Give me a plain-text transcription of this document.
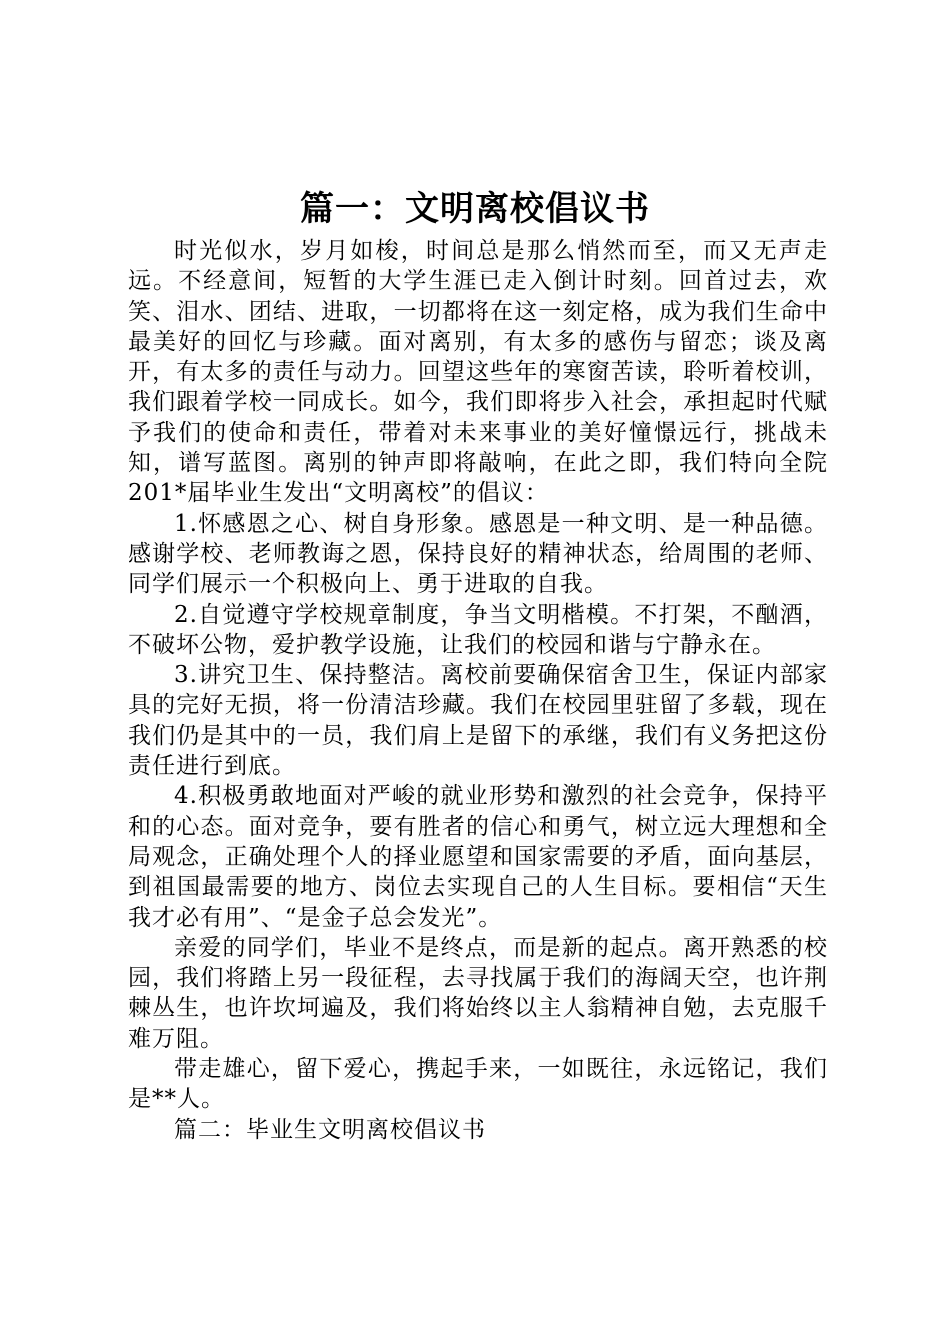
篇一：文明离校倡议书

时光似水，岁月如梭，时间总是那么悄然而至，而又无声走远。不经意间，短暂的大学生涯已走入倒计时刻。回首过去，欢笑、泪水、团结、进取，一切都将在这一刻定格，成为我们生命中最美好的回忆与珍藏。面对离别，有太多的感伤与留恋；谈及离开，有太多的责任与动力。回望这些年的寒窗苦读，聆听着校训，我们跟着学校一同成长。如今，我们即将步入社会，承担起时代赋予我们的使命和责任，带着对未来事业的美好憧憬远行，挑战未知，谱写蓝图。离别的钟声即将敲响，在此之即，我们特向全院201*届毕业生发出“文明离校”的倡议：

1.怀感恩之心、树自身形象。感恩是一种文明、是一种品德。感谢学校、老师教诲之恩，保持良好的精神状态，给周围的老师、同学们展示一个积极向上、勇于进取的自我。

2.自觉遵守学校规章制度，争当文明楷模。不打架，不酗酒，不破坏公物，爱护教学设施，让我们的校园和谐与宁静永在。

3.讲究卫生、保持整洁。离校前要确保宿舍卫生，保证内部家具的完好无损，将一份清洁珍藏。我们在校园里驻留了多载，现在我们仍是其中的一员，我们肩上是留下的承继，我们有义务把这份责任进行到底。

4.积极勇敢地面对严峻的就业形势和激烈的社会竞争，保持平和的心态。面对竞争，要有胜者的信心和勇气，树立远大理想和全局观念，正确处理个人的择业愿望和国家需要的矛盾，面向基层，到祖国最需要的地方、岗位去实现自己的人生目标。要相信“天生我才必有用”、“是金子总会发光”。

亲爱的同学们，毕业不是终点，而是新的起点。离开熟悉的校园，我们将踏上另一段征程，去寻找属于我们的海阔天空，也许荆棘丛生，也许坎坷遍及，我们将始终以主人翁精神自勉，去克服千难万阻。

带走雄心，留下爱心，携起手来，一如既往，永远铭记，我们是**人。

篇二：毕业生文明离校倡议书
